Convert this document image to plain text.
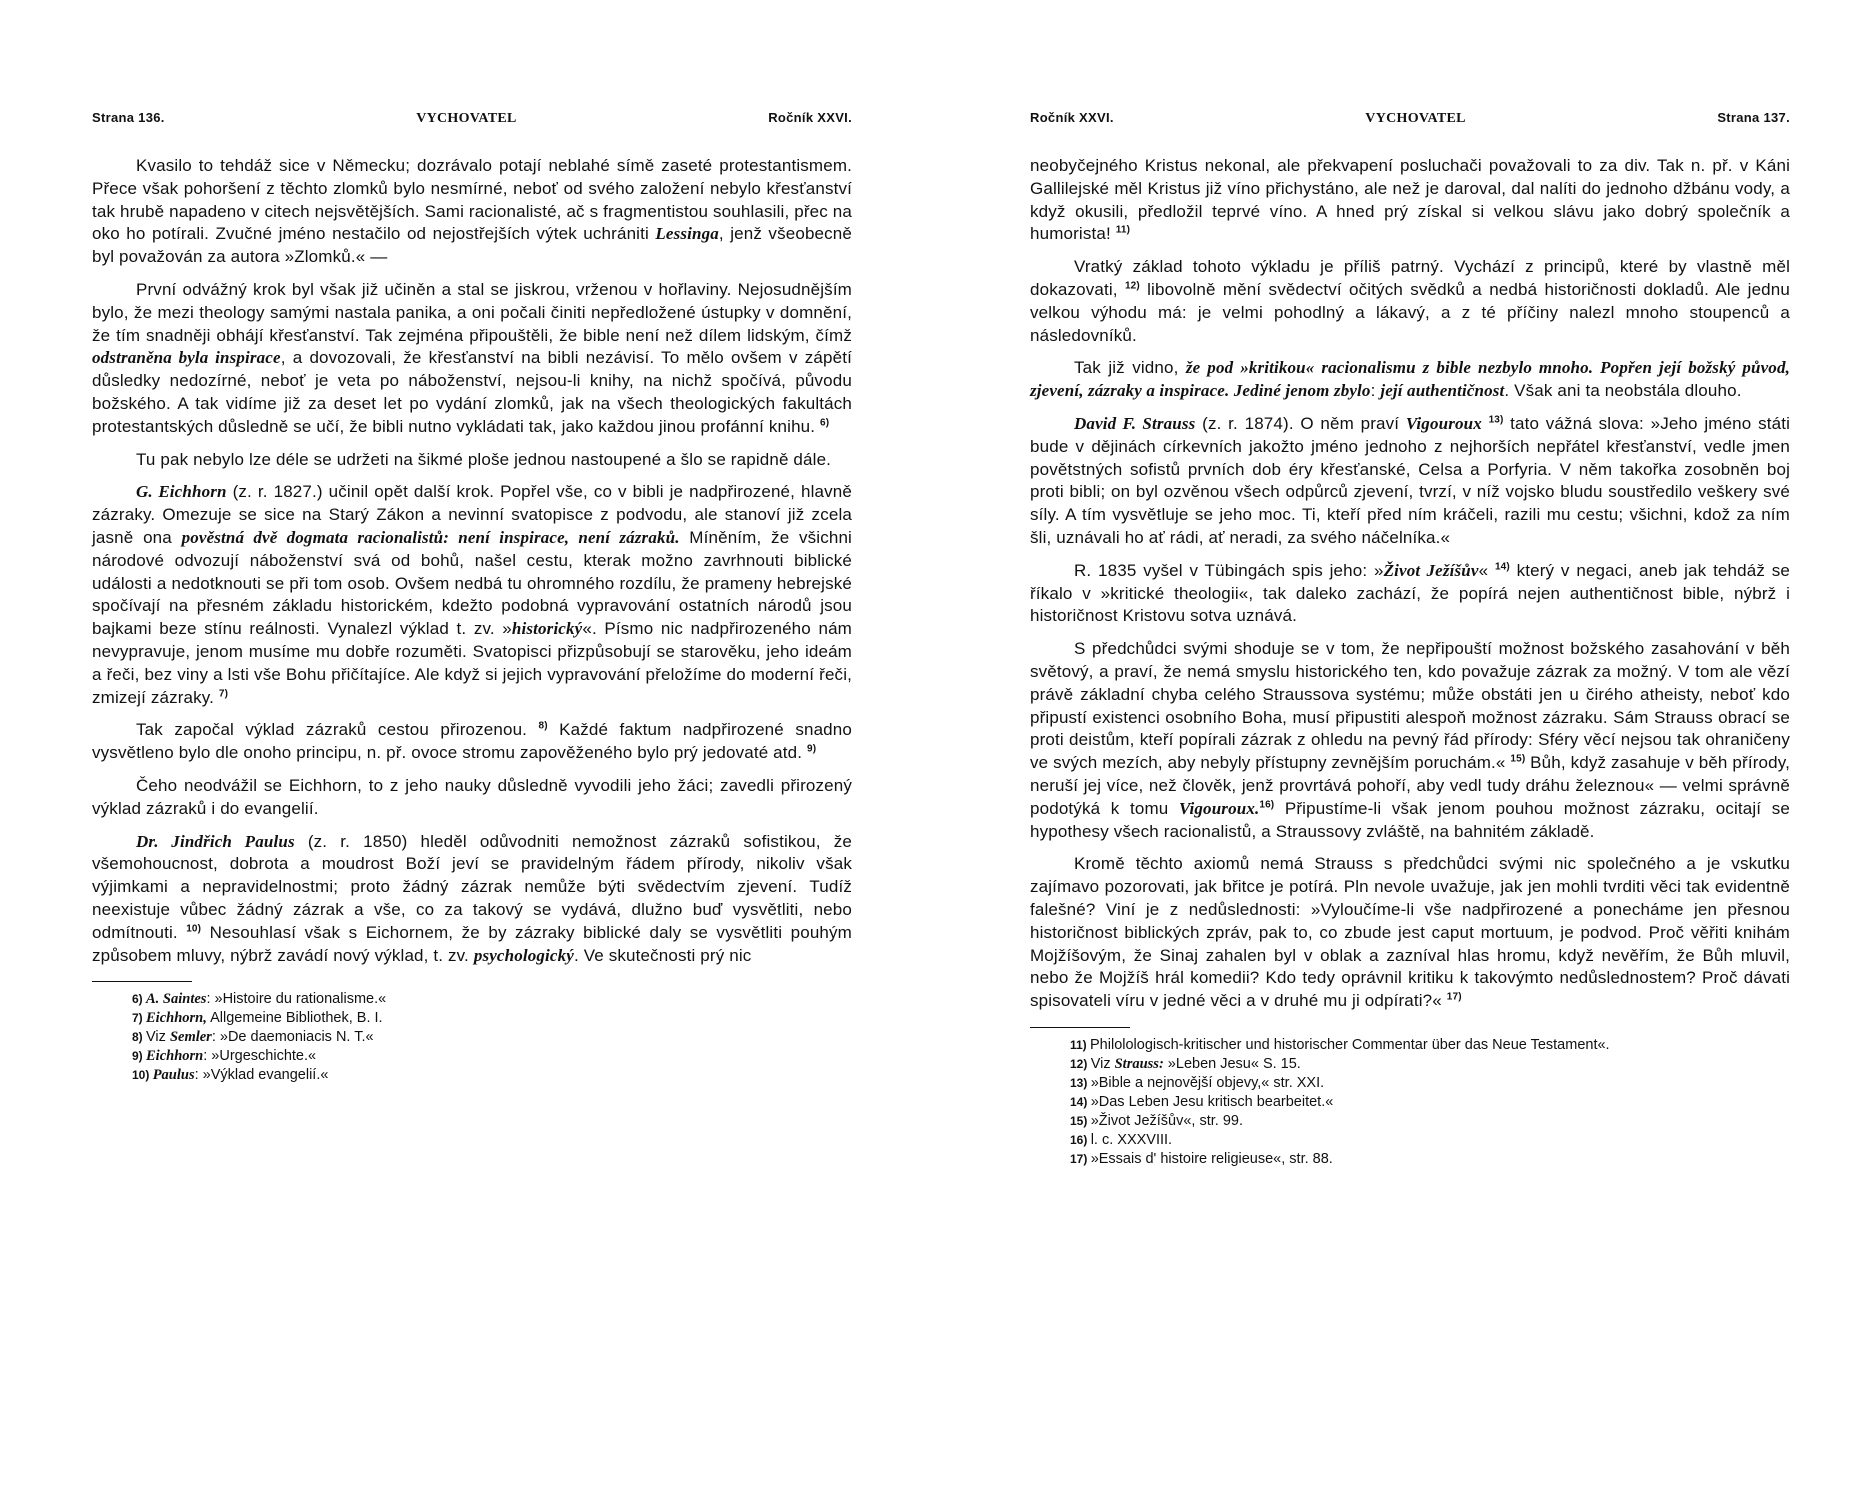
Strana 136.	VYCHOVATEL	Ročník XXVI.

Kvasilo to tehdáž sice v Německu; dozrávalo potají neblahé símě zaseté protestantismem. Přece však pohoršení z těchto zlomků bylo nesmírné, neboť od svého založení nebylo křesťanství tak hrubě napadeno v citech nejsvětějších. Sami racionalisté, ač s fragmentistou souhlasili, přec na oko ho potírali. Zvučné jméno nestačilo od nejostřejších výtek uchrániti Lessinga, jenž všeobecně byl považován za autora »Zlomků.« —

První odvážný krok byl však již učiněn a stal se jiskrou, vrženou v hořlaviny. Nejosudnějším bylo, že mezi theology samými nastala panika, a oni počali činiti nepředložené ústupky v domnění, že tím snadněji obhájí křesťanství. Tak zejména připouštěli, že bible není než dílem lidským, čímž odstraněna byla inspirace, a dovozovali, že křesťanství na bibli nezávisí. To mělo ovšem v zápětí důsledky nedozírné, neboť je veta po náboženství, nejsou-li knihy, na nichž spočívá, původu božského. A tak vidíme již za deset let po vydání zlomků, jak na všech theologických fakultách protestantských důsledně se učí, že bibli nutno vykládati tak, jako každou jinou profánní knihu. $^{6)}$

Tu pak nebylo lze déle se udržeti na šikmé ploše jednou nastoupené a šlo se rapidně dále.

G. Eichhorn (z. r. 1827.) učinil opět další krok. Popřel vše, co v bibli je nadpřirozené, hlavně zázraky. Omezuje se sice na Starý Zákon a nevinní svatopisce z podvodu, ale stanoví již zcela jasně ona pověstná dvě dogmata racionalistů: není inspirace, není zázraků. Míněním, že všichni národové odvozují náboženství svá od bohů, našel cestu, kterak možno zavrhnouti biblické události a nedotknouti se při tom osob. Ovšem nedbá tu ohromného rozdílu, že prameny hebrejské spočívají na přesném základu historickém, kdežto podobná vypravování ostatních národů jsou bajkami beze stínu reálnosti. Vynalezl výklad t. zv. »historický«. Písmo nic nadpřirozeného nám nevypravuje, jenom musíme mu dobře rozuměti. Svatopisci přizpůsobují se starověku, jeho ideám a řeči, bez viny a lsti vše Bohu přičítajíce. Ale když si jejich vypravování přeložíme do moderní řeči, zmizejí zázraky. $^{7)}$

Tak započal výklad zázraků cestou přirozenou. $^{8)}$ Každé faktum nadpřirozené snadno vysvětleno bylo dle onoho principu, n. př. ovoce stromu zapověženého bylo prý jedovaté atd. $^{9)}$

Čeho neodvážil se Eichhorn, to z jeho nauky důsledně vyvodili jeho žáci; zavedli přirozený výklad zázraků i do evangelií.

Dr. Jindřich Paulus (z. r. 1850) hleděl odůvodniti nemožnost zázraků sofistikou, že všemohoucnost, dobrota a moudrost Boží jeví se pravidelným řádem přírody, nikoliv však výjimkami a nepravidelnostmi; proto žádný zázrak nemůže býti svědectvím zjevení. Tudíž neexistuje vůbec žádný zázrak a vše, co za takový se vydává, dlužno buď vysvětliti, nebo odmítnouti. $^{10)}$ Nesouhlasí však s Eichornem, že by zázraky biblické daly se vysvětliti pouhým způsobem mluvy, nýbrž zavádí nový výklad, t. zv. psychologický. Ve skutečnosti prý nic

6) A. Saintes: »Histoire du rationalisme.«
7) Eichhorn, Allgemeine Bibliothek, B. I.
8) Viz Semler: »De daemoniacis N. T.«
9) Eichhorn: »Urgeschichte.«
10) Paulus: »Výklad evangelií.«
Ročník XXVI.	VYCHOVATEL	Strana 137.

neobyčejného Kristus nekonal, ale překvapení posluchači považovali to za div. Tak n. př. v Káni Gallilejské měl Kristus již víno přichystáno, ale než je daroval, dal nalíti do jednoho džbánu vody, a když okusili, předložil teprvé víno. A hned prý získal si velkou slávu jako dobrý společník a humorista! $^{11)}$

Vratký základ tohoto výkladu je příliš patrný. Vychází z principů, které by vlastně měl dokazovati, $^{12)}$ libovolně mění svědectví očitých svědků a nedbá historičnosti dokladů. Ale jednu velkou výhodu má: je velmi pohodlný a lákavý, a z té příčiny nalezl mnoho stoupenců a následovníků.

Tak již vidno, že pod »kritikou« racionalismu z bible nezbylo mnoho. Popřen její božský původ, zjevení, zázraky a inspirace. Jediné jenom zbylo: její authentičnost. Však ani ta neobstála dlouho.

David F. Strauss (z. r. 1874). O něm praví Vigouroux $^{13)}$ tato vážná slova: »Jeho jméno státi bude v dějinách církevních jakožto jméno jednoho z nejhorších nepřátel křesťanství, vedle jmen povětstných sofistů prvních dob éry křesťanské, Celsa a Porfyria. V něm takořka zosobněn boj proti bibli; on byl ozvěnou všech odpůrců zjevení, tvrzí, v níž vojsko bludu soustředilo veškery své síly. A tím vysvětluje se jeho moc. Ti, kteří před ním kráčeli, razili mu cestu; všichni, kdož za ním šli, uznávali ho ať rádi, ať neradi, za svého náčelníka.«

R. 1835 vyšel v Tübingách spis jeho: »Život Ježíšův« $^{14)}$ který v negaci, aneb jak tehdáž se říkalo v »kritické theologii«, tak daleko zachází, že popírá nejen authentičnost bible, nýbrž i historičnost Kristovu sotva uznává.

S předchůdci svými shoduje se v tom, že nepřipouští možnost božského zasahování v běh světový, a praví, že nemá smyslu historického ten, kdo považuje zázrak za možný. V tom ale vězí právě základní chyba celého Straussova systému; může obstáti jen u čirého atheisty, neboť kdo připustí existenci osobního Boha, musí připustiti alespoň možnost zázraku. Sám Strauss obrací se proti deistům, kteří popírali zázrak z ohledu na pevný řád přírody: Sféry věcí nejsou tak ohraničeny ve svých mezích, aby nebyly přístupny zevnějším poruchám.« $^{15)}$ Bůh, když zasahuje v běh přírody, neruší jej více, než člověk, jenž provrtává pohoří, aby vedl tudy dráhu železnou« — velmi správně podotýká k tomu Vigouroux.$^{16)}$ Připustíme-li však jenom pouhou možnost zázraku, ocitají se hypothesy všech racionalistů, a Straussovy zvláště, na bahnitém základě.

Kromě těchto axiomů nemá Strauss s předchůdci svými nic společného a je vskutku zajímavo pozorovati, jak břitce je potírá. Pln nevole uvažuje, jak jen mohli tvrditi věci tak evidentně falešné? Viní je z nedůslednosti: »Vyloučíme-li vše nadpřirozené a ponecháme jen přesnou historičnost biblických zpráv, pak to, co zbude jest caput mortuum, je podvod. Proč věřiti knihám Mojžíšovým, že Sinaj zahalen byl v oblak a zazníval hlas hromu, když nevěřím, že Bůh mluvil, nebo že Mojžíš hrál komedii? Kdo tedy oprávnil kritiku k takovýmto nedůslednostem? Proč dávati spisovateli víru v jedné věci a v druhé mu ji odpírati?« $^{17)}$

11) Philolologisch-kritischer und historischer Commentar über das Neue Testament«.
12) Viz Strauss: »Leben Jesu« S. 15.
13) »Bible a nejnovější objevy,« str. XXI.
14) »Das Leben Jesu kritisch bearbeitet.«
15) »Život Ježíšův«, str. 99.
16) l. c. XXXVIII.
17) »Essais d' histoire religieuse«, str. 88.
